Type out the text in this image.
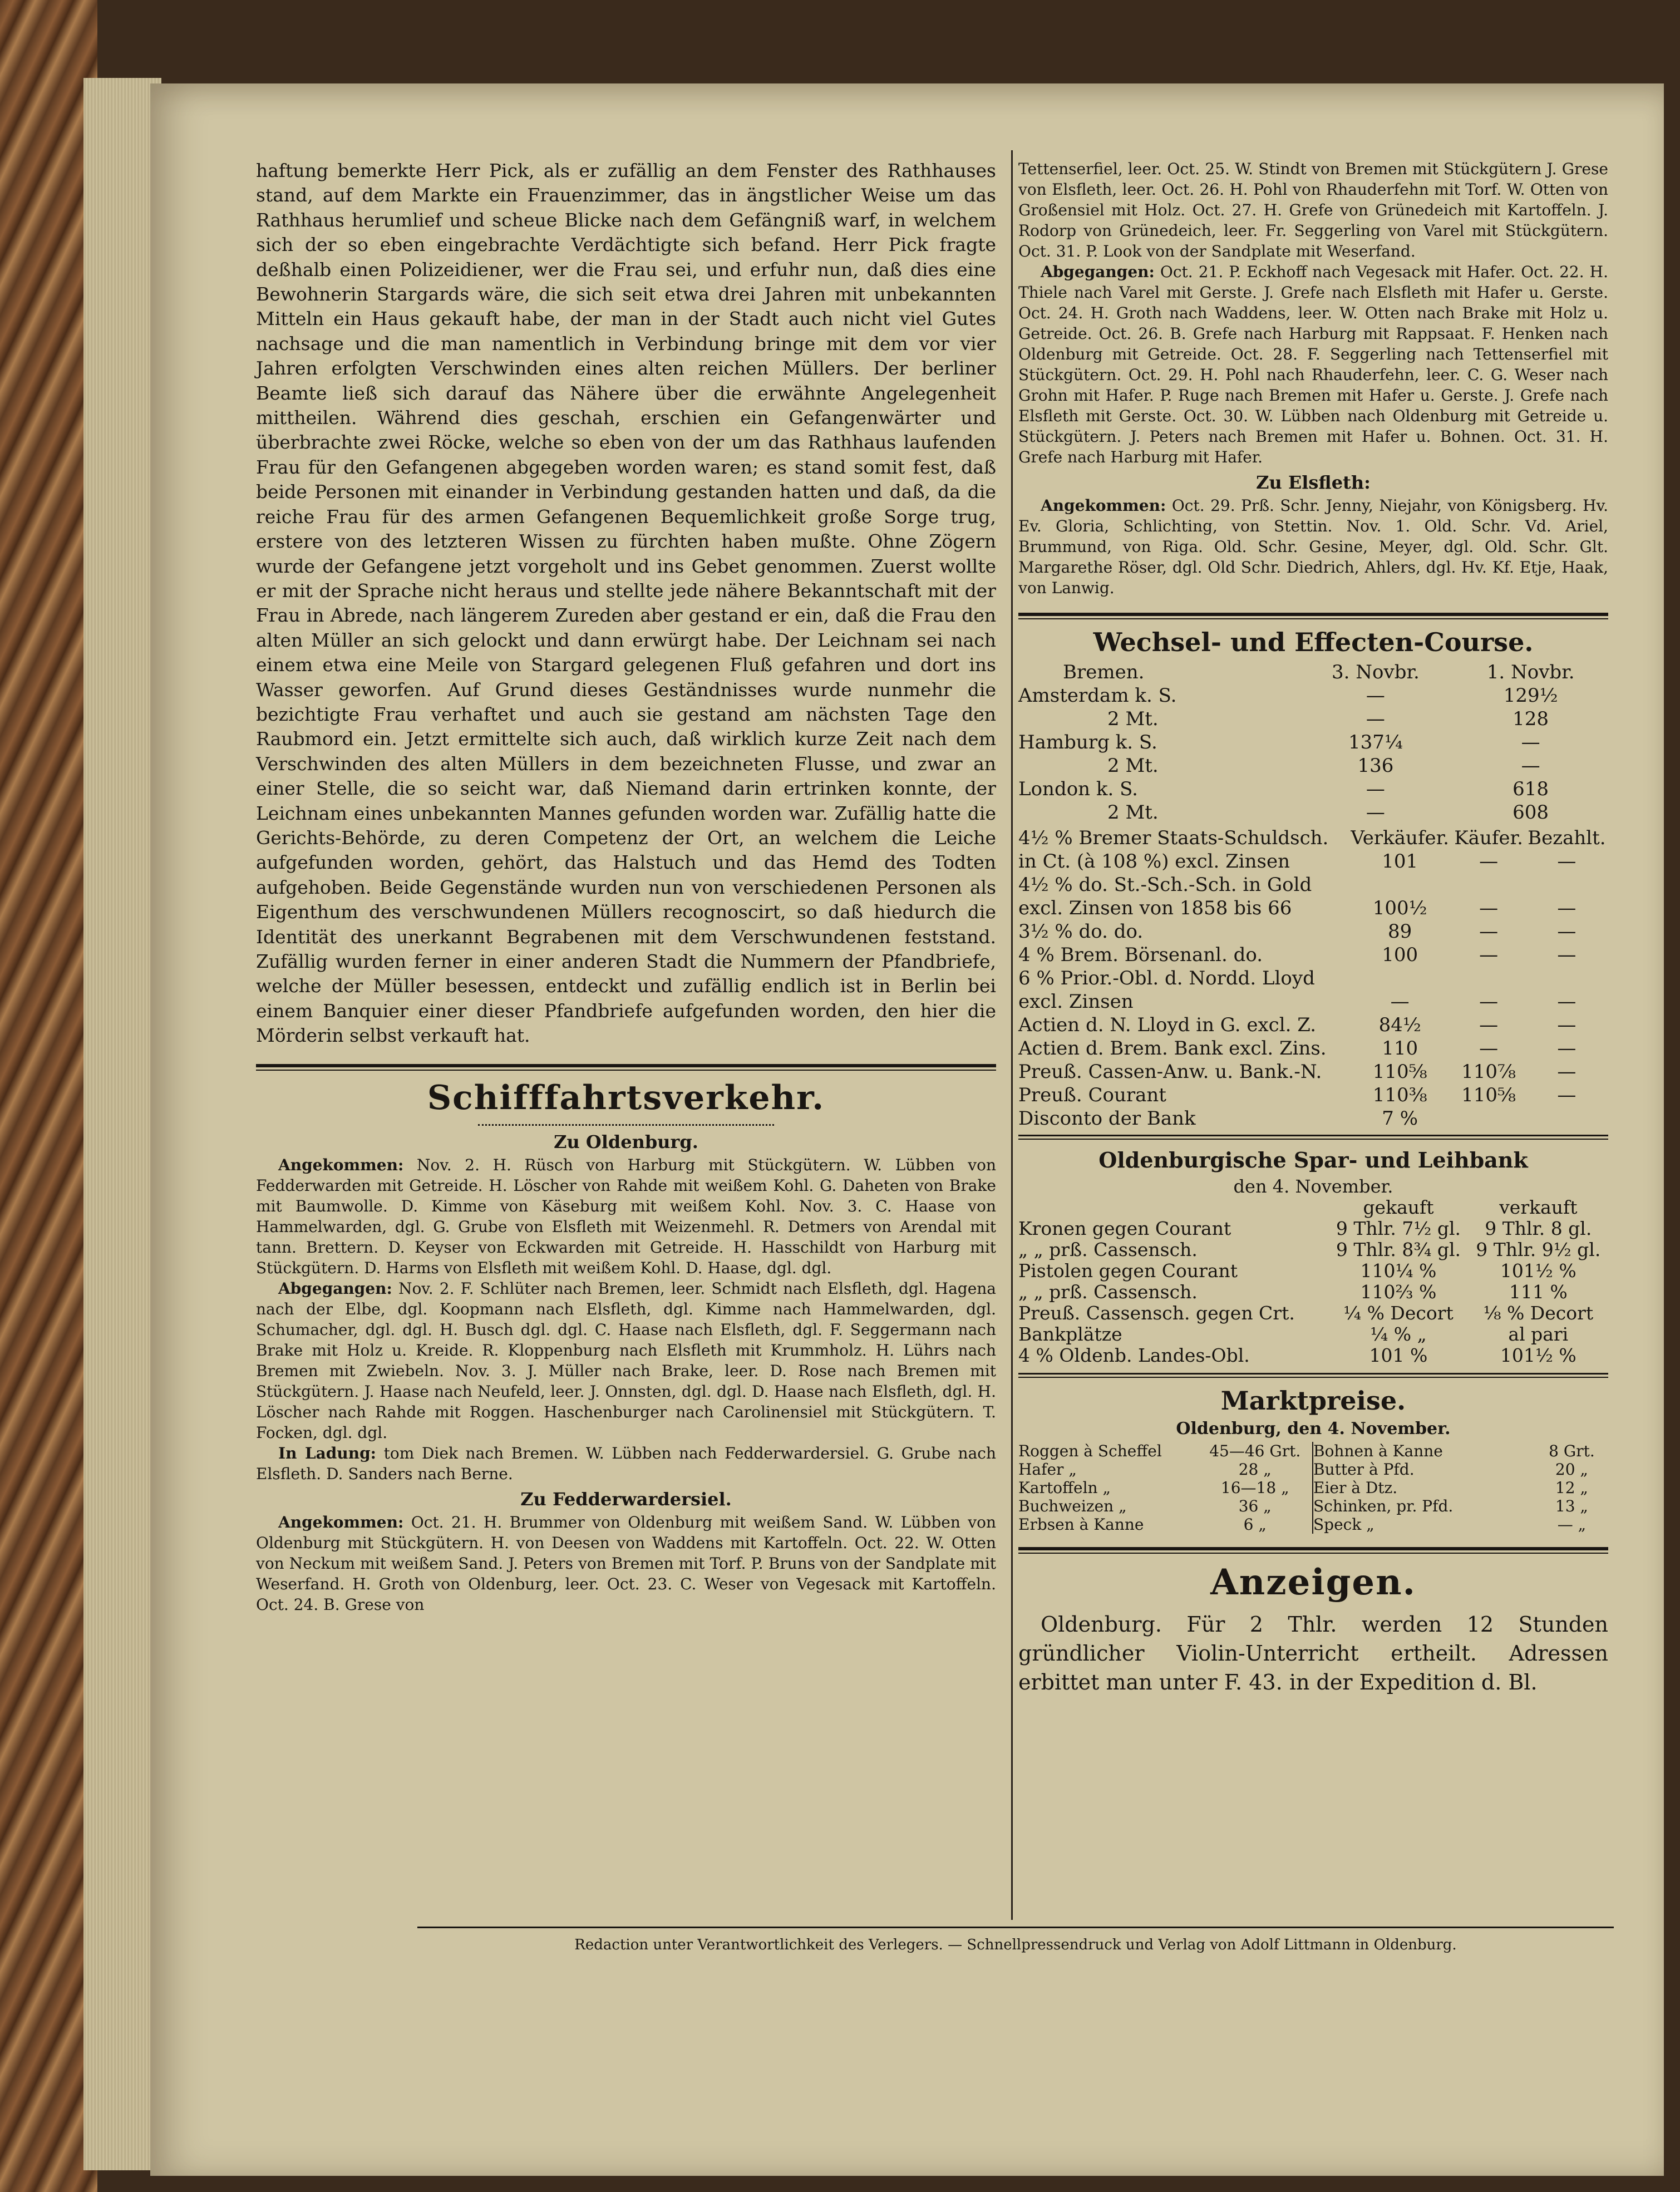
haftung bemerkte Herr Pick, als er zufällig an dem Fenster des Rathhauses stand, auf dem Markte ein Frauenzimmer, das in ängstlicher Weise um das Rathhaus herumlief und scheue Blicke nach dem Gefängniß warf, in welchem sich der so eben eingebrachte Verdächtigte sich befand. Herr Pick fragte deßhalb einen Polizeidiener, wer die Frau sei, und erfuhr nun, daß dies eine Bewohnerin Stargards wäre, die sich seit etwa drei Jahren mit unbekannten Mitteln ein Haus gekauft habe, der man in der Stadt auch nicht viel Gutes nachsage und die man namentlich in Verbindung bringe mit dem vor vier Jahren erfolgten Verschwinden eines alten reichen Müllers. Der berliner Beamte ließ sich darauf das Nähere über die erwähnte Angelegenheit mittheilen. Während dies geschah, erschien ein Gefangenwärter und überbrachte zwei Röcke, welche so eben von der um das Rathhaus laufenden Frau für den Gefangenen abgegeben worden waren; es stand somit fest, daß beide Personen mit einander in Verbindung gestanden hatten und daß, da die reiche Frau für des armen Gefangenen Bequemlichkeit große Sorge trug, erstere von des letzteren Wissen zu fürchten haben mußte. Ohne Zögern wurde der Gefangene jetzt vorgeholt und ins Gebet genommen. Zuerst wollte er mit der Sprache nicht heraus und stellte jede nähere Bekanntschaft mit der Frau in Abrede, nach längerem Zureden aber gestand er ein, daß die Frau den alten Müller an sich gelockt und dann erwürgt habe. Der Leichnam sei nach einem etwa eine Meile von Stargard gelegenen Fluß gefahren und dort ins Wasser geworfen. Auf Grund dieses Geständnisses wurde nunmehr die bezichtigte Frau verhaftet und auch sie gestand am nächsten Tage den Raubmord ein. Jetzt ermittelte sich auch, daß wirklich kurze Zeit nach dem Verschwinden des alten Müllers in dem bezeichneten Flusse, und zwar an einer Stelle, die so seicht war, daß Niemand darin ertrinken konnte, der Leichnam eines unbekannten Mannes gefunden worden war. Zufällig hatte die Gerichts-Behörde, zu deren Competenz der Ort, an welchem die Leiche aufgefunden worden, gehört, das Halstuch und das Hemd des Todten aufgehoben. Beide Gegenstände wurden nun von verschiedenen Personen als Eigenthum des verschwundenen Müllers recognoscirt, so daß hiedurch die Identität des unerkannt Begrabenen mit dem Verschwundenen feststand. Zufällig wurden ferner in einer anderen Stadt die Nummern der Pfandbriefe, welche der Müller besessen, entdeckt und zufällig endlich ist in Berlin bei einem Banquier einer dieser Pfandbriefe aufgefunden worden, den hier die Mörderin selbst verkauft hat.

Schifffahrtsverkehr.
Zu Oldenburg.

Angekommen: Nov. 2. H. Rüsch von Harburg mit Stückgütern. W. Lübben von Fedderwarden mit Getreide. H. Löscher von Rahde mit weißem Kohl. G. Daheten von Brake mit Baumwolle. D. Kimme von Käseburg mit weißem Kohl. Nov. 3. C. Haase von Hammelwarden, dgl. G. Grube von Elsfleth mit Weizenmehl. R. Detmers von Arendal mit tann. Brettern. D. Keyser von Eckwarden mit Getreide. H. Hasschildt von Harburg mit Stückgütern. D. Harms von Elsfleth mit weißem Kohl. D. Haase, dgl. dgl.

Abgegangen: Nov. 2. F. Schlüter nach Bremen, leer. Schmidt nach Elsfleth, dgl. Hagena nach der Elbe, dgl. Koopmann nach Elsfleth, dgl. Kimme nach Hammelwarden, dgl. Schumacher, dgl. dgl. H. Busch dgl. dgl. C. Haase nach Elsfleth, dgl. F. Seggermann nach Brake mit Holz u. Kreide. R. Kloppenburg nach Elsfleth mit Krummholz. H. Lührs nach Bremen mit Zwiebeln. Nov. 3. J. Müller nach Brake, leer. D. Rose nach Bremen mit Stückgütern. J. Haase nach Neufeld, leer. J. Onnsten, dgl. dgl. D. Haase nach Elsfleth, dgl. H. Löscher nach Rahde mit Roggen. Haschenburger nach Carolinensiel mit Stückgütern. T. Focken, dgl. dgl.

In Ladung: tom Diek nach Bremen. W. Lübben nach Fedderwardersiel. G. Grube nach Elsfleth. D. Sanders nach Berne.

Zu Fedderwardersiel.

Angekommen: Oct. 21. H. Brummer von Oldenburg mit weißem Sand. W. Lübben von Oldenburg mit Stückgütern. H. von Deesen von Waddens mit Kartoffeln. Oct. 22. W. Otten von Neckum mit weißem Sand. J. Peters von Bremen mit Torf. P. Bruns von der Sandplate mit Weserfand. H. Groth von Oldenburg, leer. Oct. 23. C. Weser von Vegesack mit Kartoffeln. Oct. 24. B. Grese von

Tettenserfiel, leer. Oct. 25. W. Stindt von Bremen mit Stückgütern J. Grese von Elsfleth, leer. Oct. 26. H. Pohl von Rhauderfehn mit Torf. W. Otten von Großensiel mit Holz. Oct. 27. H. Grefe von Grünedeich mit Kartoffeln. J. Rodorp von Grünedeich, leer. Fr. Seggerling von Varel mit Stückgütern. Oct. 31. P. Look von der Sandplate mit Weserfand.

Abgegangen: Oct. 21. P. Eckhoff nach Vegesack mit Hafer. Oct. 22. H. Thiele nach Varel mit Gerste. J. Grefe nach Elsfleth mit Hafer u. Gerste. Oct. 24. H. Groth nach Waddens, leer. W. Otten nach Brake mit Holz u. Getreide. Oct. 26. B. Grefe nach Harburg mit Rappsaat. F. Henken nach Oldenburg mit Getreide. Oct. 28. F. Seggerling nach Tettenserfiel mit Stückgütern. Oct. 29. H. Pohl nach Rhauderfehn, leer. C. G. Weser nach Grohn mit Hafer. P. Ruge nach Bremen mit Hafer u. Gerste. J. Grefe nach Elsfleth mit Gerste. Oct. 30. W. Lübben nach Oldenburg mit Getreide u. Stückgütern. J. Peters nach Bremen mit Hafer u. Bohnen. Oct. 31. H. Grefe nach Harburg mit Hafer.

Zu Elsfleth:

Angekommen: Oct. 29. Prß. Schr. Jenny, Niejahr, von Königsberg. Hv. Ev. Gloria, Schlichting, von Stettin. Nov. 1. Old. Schr. Vd. Ariel, Brummund, von Riga. Old. Schr. Gesine, Meyer, dgl. Old. Schr. Glt. Margarethe Röser, dgl. Old Schr. Diedrich, Ahlers, dgl. Hv. Kf. Etje, Haak, von Lanwig.

Wechsel- und Effecten-Course.
Bremen.	3. Novbr.	1. Novbr.
Amsterdam k. S.	—	129½
2 Mt.	—	128
Hamburg k. S.	137¼	—
2 Mt.	136	—
London k. S.	—	618
2 Mt.	—	608
4½ % Bremer Staats-Schuldsch.	Verkäufer.	Käufer.	Bezahlt.
in Ct. (à 108 %) excl. Zinsen	101	—	—
4½ % do. St.-Sch.-Sch. in Gold			
excl. Zinsen von 1858 bis 66	100½	—	—
3½ % do. do.	89	—	—
4 % Brem. Börsenanl. do.	100	—	—
6 % Prior.-Obl. d. Nordd. Lloyd			
excl. Zinsen	—	—	—
Actien d. N. Lloyd in G. excl. Z.	84½	—	—
Actien d. Brem. Bank excl. Zins.	110	—	—
Preuß. Cassen-Anw. u. Bank.-N.	110⅝	110⅞	—
Preuß. Courant	110⅜	110⅝	—
Disconto der Bank	7 %		
Oldenburgische Spar- und Leihbank
den 4. November.
	gekauft	verkauft
Kronen gegen Courant	9 Thlr. 7½ gl.	9 Thlr. 8 gl.
„ „ prß. Cassensch.	9 Thlr. 8¾ gl.	9 Thlr. 9½ gl.
Pistolen gegen Courant	110¼ %	101½ %
„ „ prß. Cassensch.	110⅔ %	111 %
Preuß. Cassensch. gegen Crt.	¼ % Decort	⅛ % Decort
Bankplätze	¼ % „	al pari
4 % Oldenb. Landes-Obl.	101 %	101½ %
Marktpreise.
Oldenburg, den 4. November.
Roggen à Scheffel	45—46 Grt.
Hafer „	28 „
Kartoffeln „	16—18 „
Buchweizen „	36 „
Erbsen à Kanne	6 „
Bohnen à Kanne	8 Grt.
Butter à Pfd.	20 „
Eier à Dtz.	12 „
Schinken, pr. Pfd.	13 „
Speck „	— „
Anzeigen.

Oldenburg. Für 2 Thlr. werden 12 Stunden gründlicher Violin-Unterricht ertheilt. Adressen erbittet man unter F. 43. in der Expedition d. Bl.

Redaction unter Verantwortlichkeit des Verlegers. — Schnellpressendruck und Verlag von Adolf Littmann in Oldenburg.
